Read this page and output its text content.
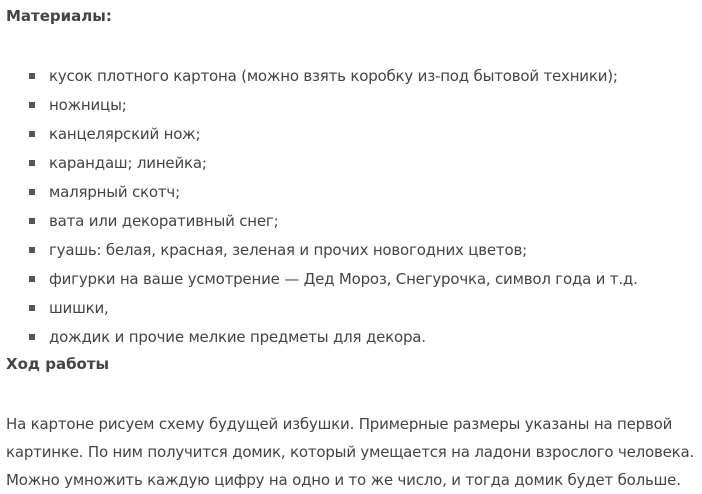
Материалы:
кусок плотного картона (можно взять коробку из-под бытовой техники);
ножницы;
канцелярский нож;
карандаш; линейка;
малярный скотч;
вата или декоративный снег;
гуашь: белая, красная, зеленая и прочих новогодних цветов;
фигурки на ваше усмотрение — Дед Мороз, Снегурочка, символ года и т.д.
шишки,
дождик и прочие мелкие предметы для декора.
Ход работы

На картоне рисуем схему будущей избушки. Примерные размеры указаны на первой
картинке. По ним получится домик, который умещается на ладони взрослого человека.
Можно умножить каждую цифру на одно и то же число, и тогда домик будет больше.
